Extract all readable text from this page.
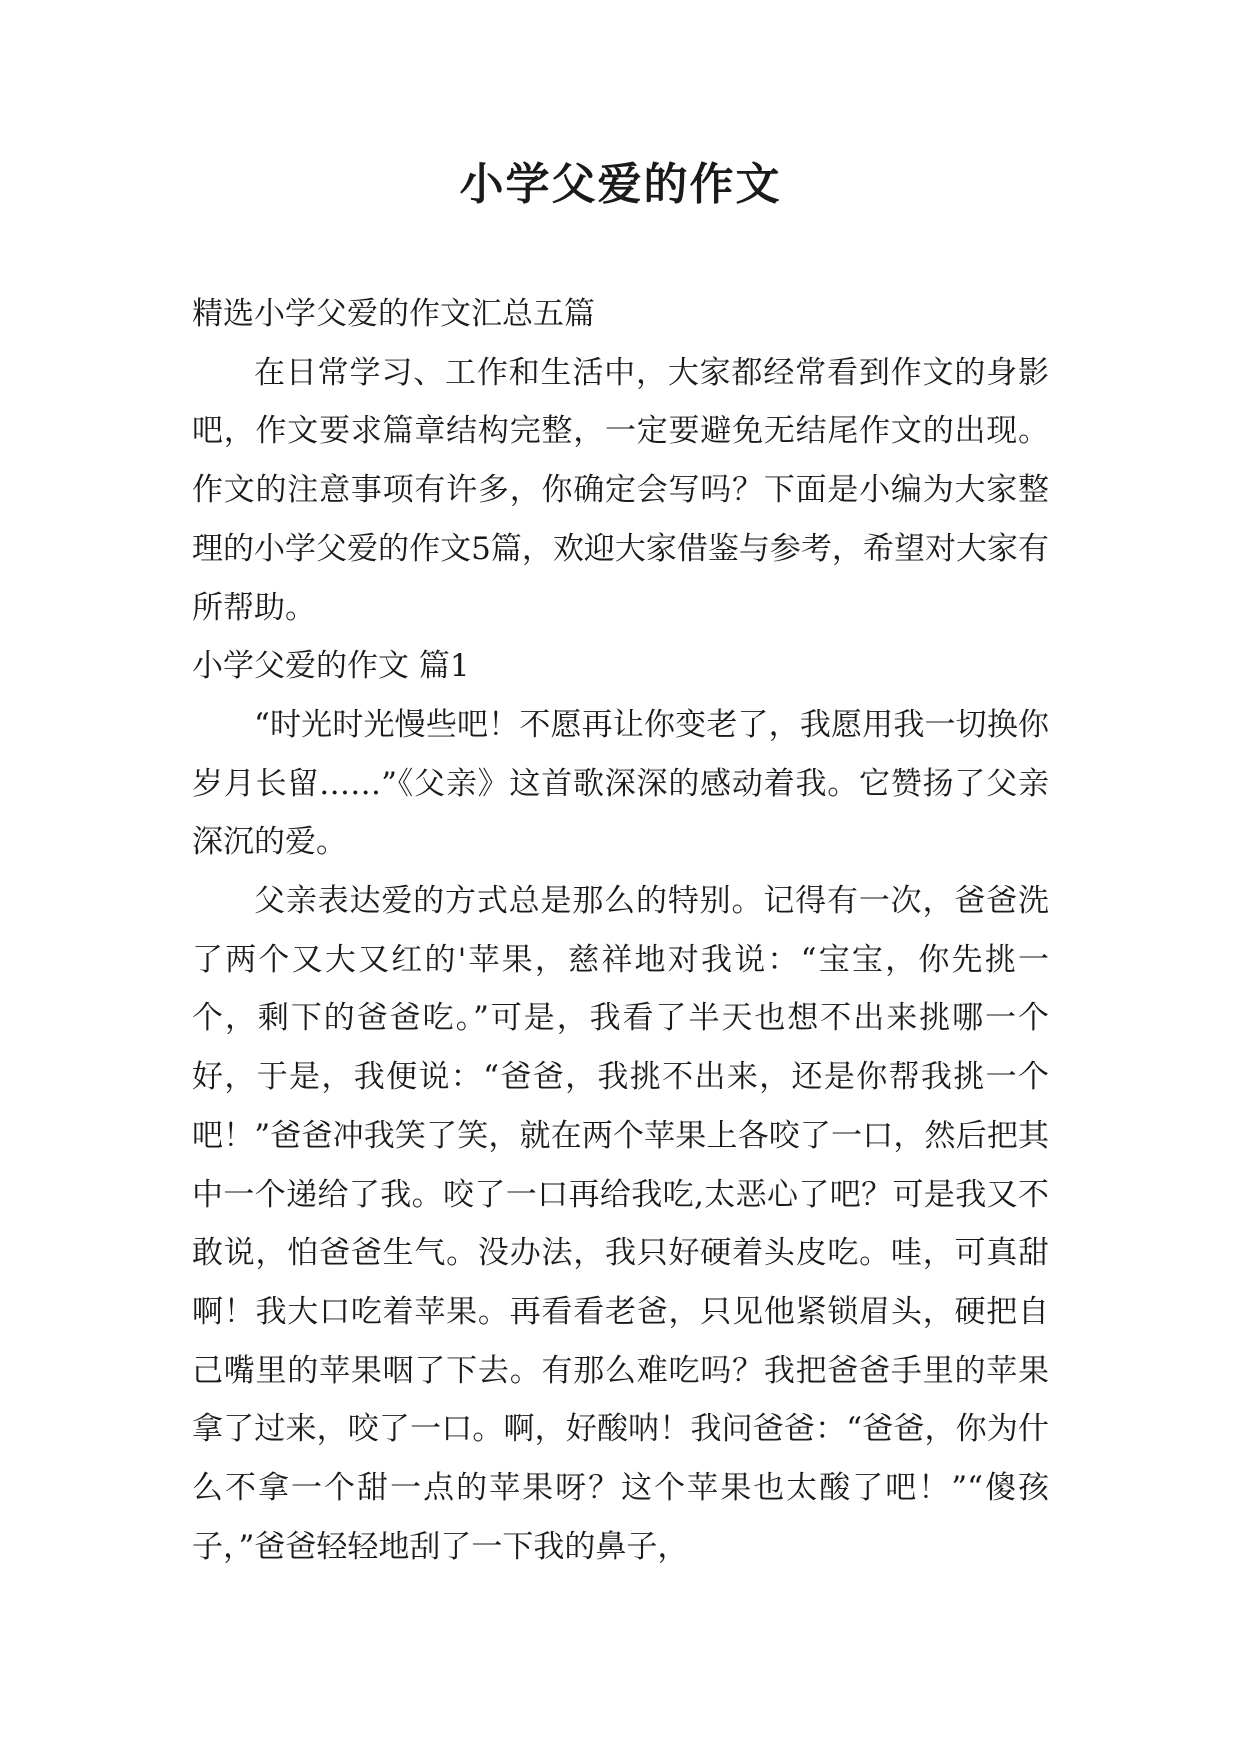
小学父爱的作文

精选小学父爱的作文汇总五篇

在日常学习、工作和生活中，大家都经常看到作文的身影吧，作文要求篇章结构完整，一定要避免无结尾作文的出现。作文的注意事项有许多，你确定会写吗？下面是小编为大家整理的小学父爱的作文5篇，欢迎大家借鉴与参考，希望对大家有所帮助。

小学父爱的作文 篇1

“时光时光慢些吧！不愿再让你变老了，我愿用我一切换你岁月长留……”《父亲》这首歌深深的感动着我。它赞扬了父亲深沉的爱。

父亲表达爱的方式总是那么的特别。记得有一次，爸爸洗了两个又大又红的'苹果，慈祥地对我说：“宝宝，你先挑一个，剩下的爸爸吃。”可是，我看了半天也想不出来挑哪一个好，于是，我便说：“爸爸，我挑不出来，还是你帮我挑一个吧！”爸爸冲我笑了笑，就在两个苹果上各咬了一口，然后把其中一个递给了我。咬了一口再给我吃,太恶心了吧？可是我又不敢说，怕爸爸生气。没办法，我只好硬着头皮吃。哇，可真甜啊！我大口吃着苹果。再看看老爸，只见他紧锁眉头，硬把自己嘴里的苹果咽了下去。有那么难吃吗？我把爸爸手里的苹果拿了过来，咬了一口。啊，好酸呐！我问爸爸：“爸爸，你为什么不拿一个甜一点的苹果呀？这个苹果也太酸了吧！”“傻孩子，”爸爸轻轻地刮了一下我的鼻子，
